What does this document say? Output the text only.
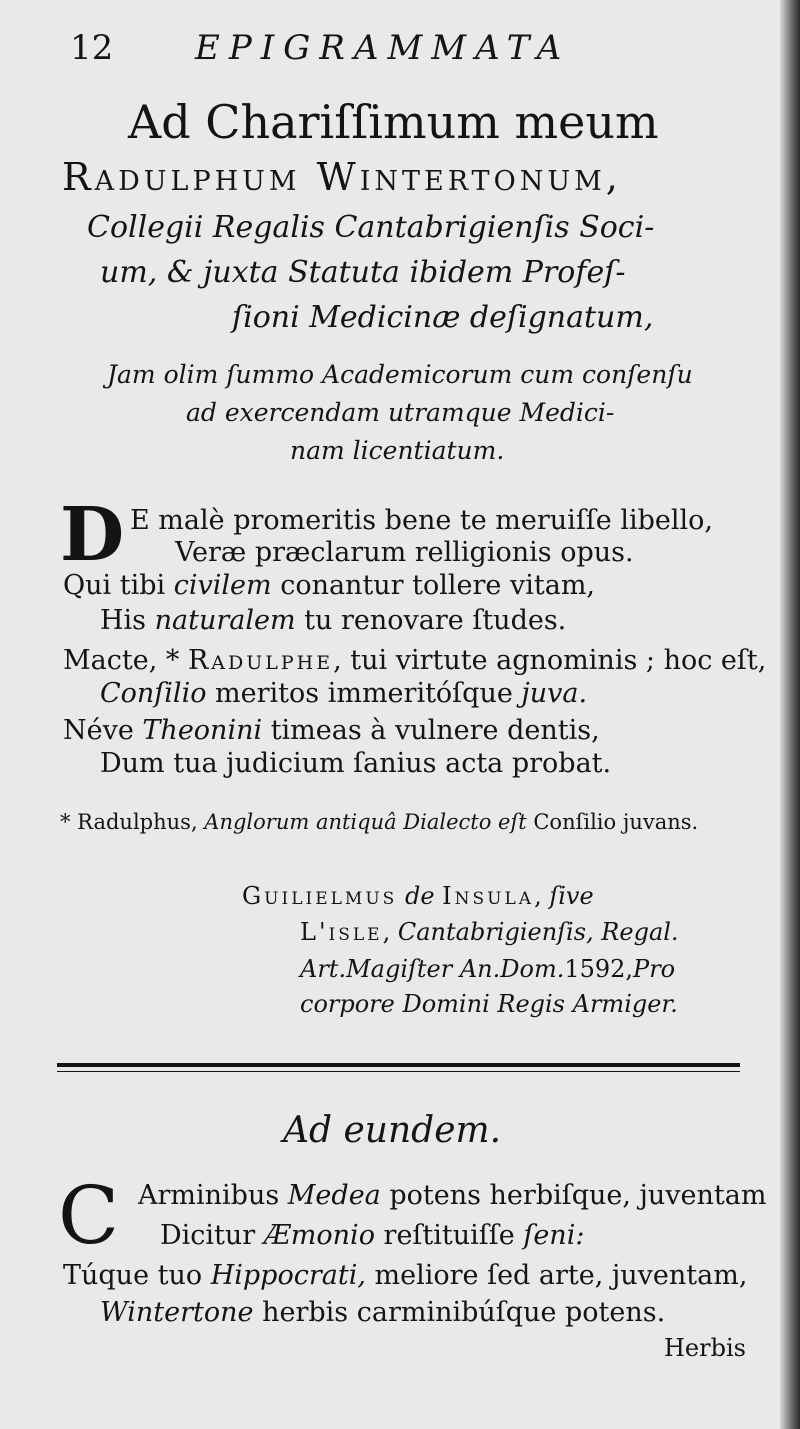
12 EPIGRAMMATA
Ad Chariſſimum meum
Radulphum Wintertonum,
Collegii Regalis Cantabrigienſis Soci-
um, & juxta Statuta ibidem Profeſ-
ſioni Medicinæ deſignatum,
Jam olim ſummo Academicorum cum conſenſu
ad exercendam utramque Medici-
nam licentiatum.
D E malè promeritis bene te meruiſſe libello,
Veræ præclarum relligionis opus.
Qui tibi civilem conantur tollere vitam,
His naturalem tu renovare ſtudes.
Macte, * Radulphe, tui virtute agnominis ; hoc eſt,
Conſilio meritos immeritóſque juva.
Néve Theonini timeas à vulnere dentis,
Dum tua judicium ſanius acta probat.
* Radulphus, Anglorum antiquâ Dialecto eſt Conſilio juvans.
Guilielmus de Insula, ſive
L'isle, Cantabrigienſis, Regal.
Art.Magiſter An.Dom.1592,Pro
corpore Domini Regis Armiger.
Ad eundem.
C Arminibus Medea potens herbiſque, juventam
Dicitur Æmonio reſtituiſſe ſeni:
Túque tuo Hippocrati, meliore ſed arte, juventam,
Wintertone herbis carminibúſque potens.
Herbis
